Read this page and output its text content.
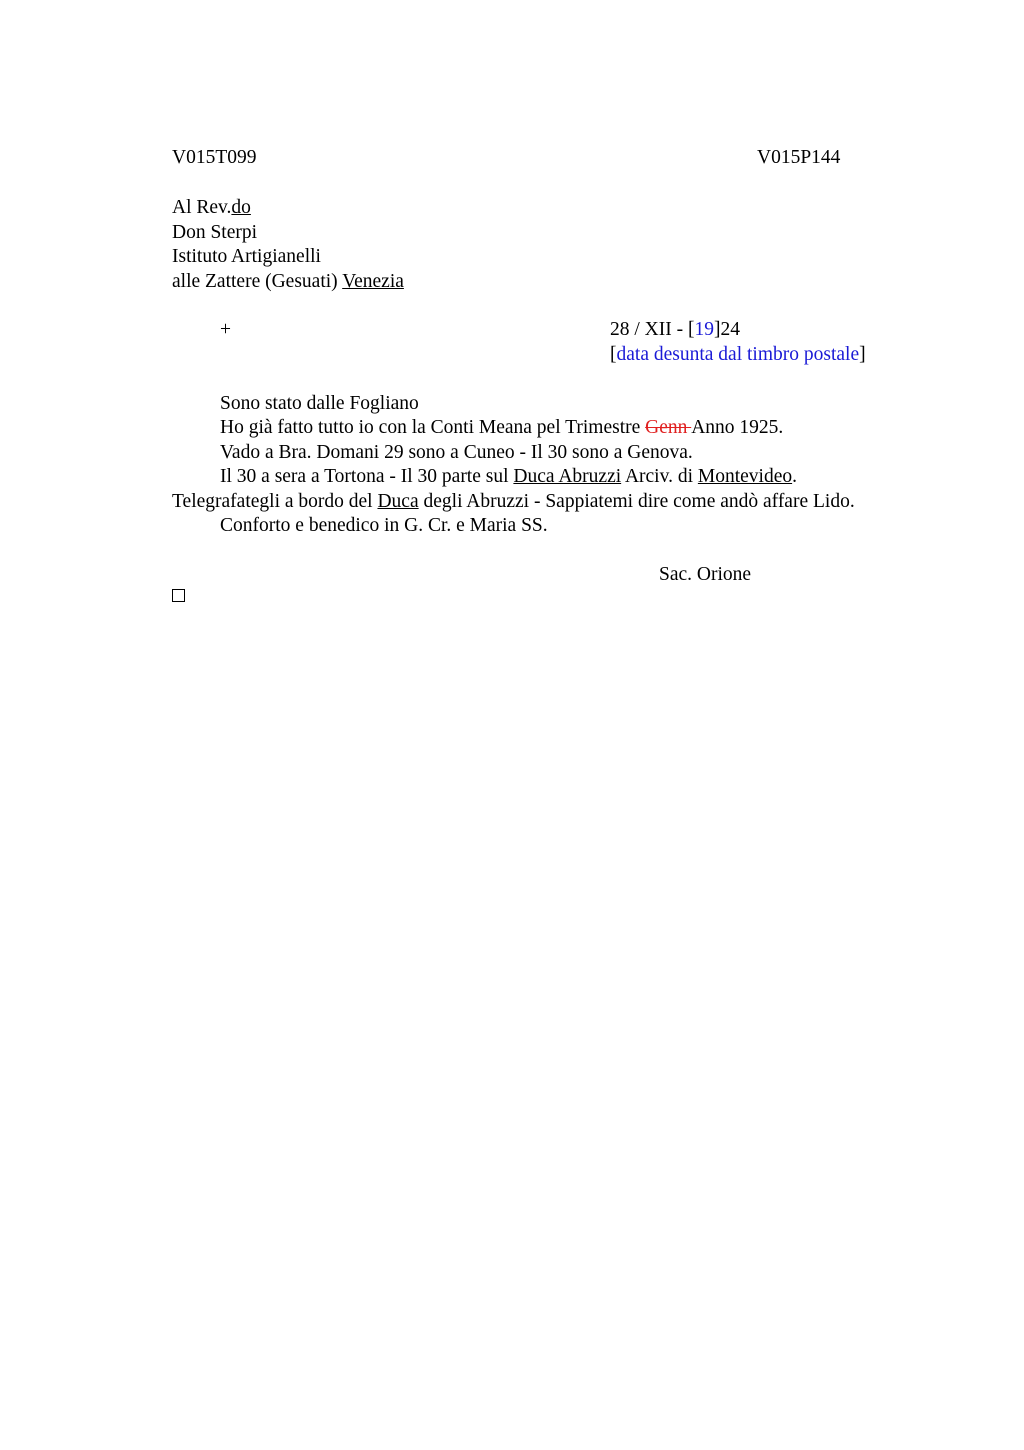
V015T099	V015P144
Al Rev.do
Don Sterpi
Istituto Artigianelli
alle Zattere (Gesuati) Venezia
+	28 / XII - [19]24
[data desunta dal timbro postale]
Sono stato dalle Fogliano
Ho già fatto tutto io con la Conti Meana pel Trimestre Genn Anno 1925.
Vado a Bra. Domani 29 sono a Cuneo - Il 30 sono a Genova.
Il 30 a sera a Tortona - Il 30 parte sul Duca Abruzzi Arciv. di Montevideo.
Telegrafategli a bordo del Duca degli Abruzzi - Sappiatemi dire come andò affare Lido.
Conforto e benedico in G. Cr. e Maria SS.
Sac. Orione
